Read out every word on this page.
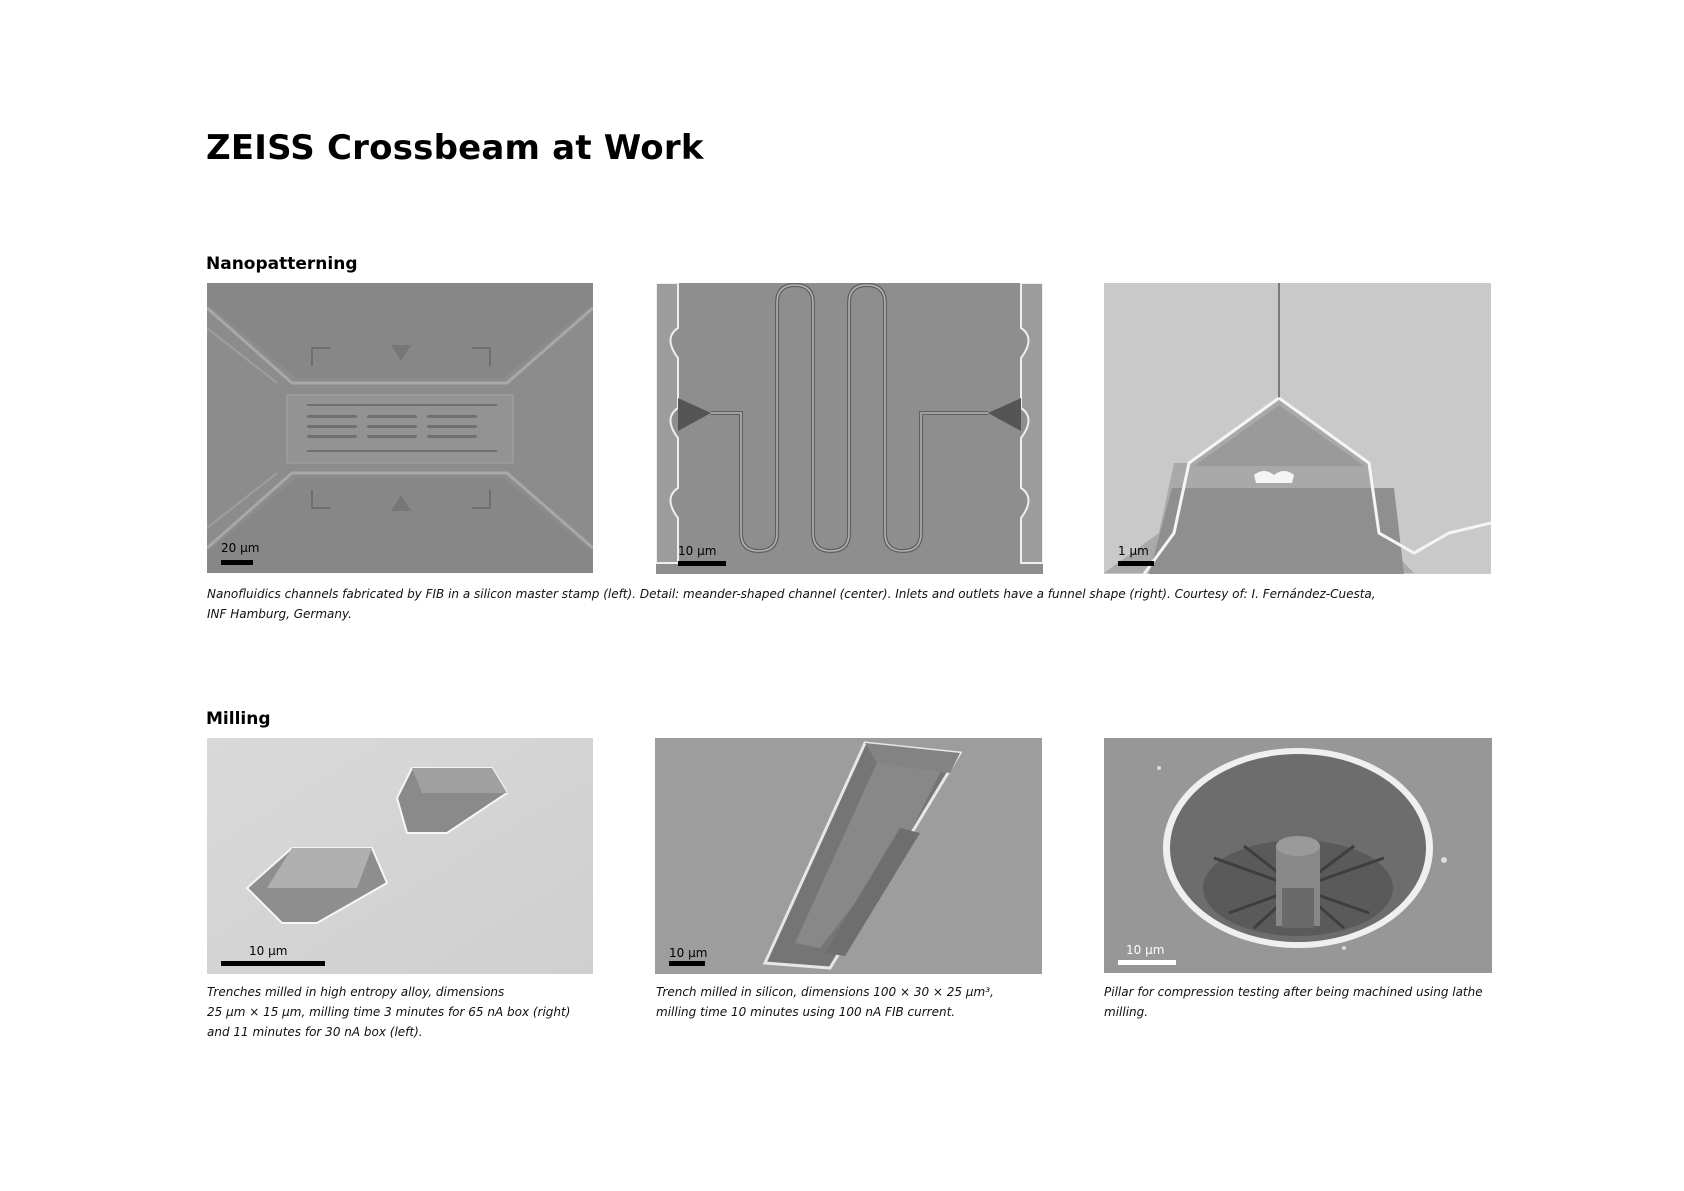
ZEISS Crossbeam at Work
Nanopatterning
20 µm	10 µm	1 µm
Nanofluidics channels fabricated by FIB in a silicon master stamp (left). Detail: meander-shaped channel (center). Inlets and outlets have a funnel shape (right). Courtesy of: I. Fernández-Cuesta,
INF Hamburg, Germany.
Milling
10 µm	10 µm	10 µm
Trenches milled in high entropy alloy, dimensions
25 µm × 15 µm, milling time 3 minutes for 65 nA box (right)
and 11 minutes for 30 nA box (left).
Trench milled in silicon, dimensions 100 × 30 × 25 µm³,
milling time 10 minutes using 100 nA FIB current.
Pillar for compression testing after being machined using lathe
milling.
